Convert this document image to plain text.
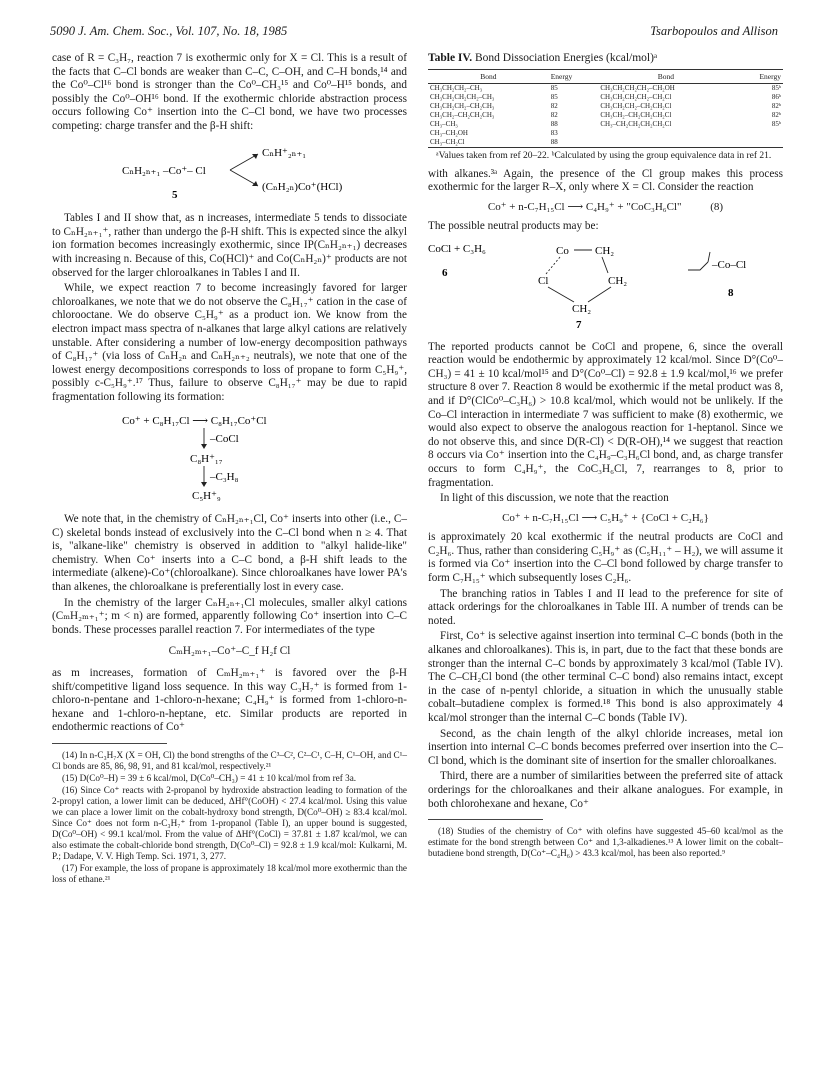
5090 J. Am. Chem. Soc., Vol. 107, No. 18, 1985	Tsarbopoulos and Allison

case of R = C₃H₇, reaction 7 is exothermic only for X = Cl. This is a result of the facts that C–Cl bonds are weaker than C–C, C–OH, and C–H bonds,¹⁴ and the Co⁰–Cl¹⁶ bond is stronger than the Co⁰–CH₃¹⁵ and Co⁰–H¹⁵ bonds, and possibly the Co⁰–OH¹⁶ bond. If the exothermic chloride abstraction process occurs following Co⁺ insertion into the C–Cl bond, we have two processes competing: charge transfer and the β-H shift:

CₙH₂ₙ₊₁ –Co⁺– Cl
CₙH⁺₂ₙ₊₁
(CₙH₂ₙ)Co⁺(HCl)
5

Tables I and II show that, as n increases, intermediate 5 tends to dissociate to CₙH₂ₙ₊₁⁺, rather than undergo the β-H shift. This is expected since the alkyl ion formation becomes increasingly exothermic, since IP(CₙH₂ₙ₊₁) decreases with increasing n. Because of this, Co(HCl)⁺ and Co(CₙH₂ₙ)⁺ products are not observed for the larger chloroalkanes in Tables I and II.

While, we expect reaction 7 to become increasingly favored for larger chloroalkanes, we note that we do not observe the C₈H₁₇⁺ cation in the case of chlorooctane. We do observe C₅H₉⁺ as a product ion. We know from the electron impact mass spectra of n-alkanes that large alkyl cations are relatively unstable. After considering a number of low-energy decomposition pathways of C₈H₁₇⁺ (via loss of CₙH₂ₙ and CₙH₂ₙ₊₂ neutrals), we note that one of the lowest energy decompositions corresponds to loss of propane to form C₅H₉⁺, possibly c-C₅H₉⁺.¹⁷ Thus, failure to observe C₈H₁₇⁺ may be due to rapid fragmentation following its formation:

Co⁺ + C₈H₁₇Cl ⟶ C₈H₁₇Co⁺Cl
–CoCl
C₈H⁺₁₇
–C₃H₈
C₅H⁺₉

We note that, in the chemistry of CₙH₂ₙ₊₁Cl, Co⁺ inserts into other (i.e., C–C) skeletal bonds instead of exclusively into the C–Cl bond when n ≥ 4. That is, "alkane-like" chemistry is observed in addition to "alkyl halide-like" chemistry. When Co⁺ inserts into a C–C bond, a β-H shift leads to the intermediate (alkene)-Co⁺(chloroalkane). Since chloroalkanes have lower PA's than alkenes, the chloroalkane is preferentially lost in every case.

In the chemistry of the larger CₙH₂ₙ₊₁Cl molecules, smaller alkyl cations (CₘH₂ₘ₊₁⁺; m < n) are formed, apparently following Co⁺ insertion into C–C bonds. These processes parallel reaction 7. For intermediates of the type

CₘH₂ₘ₊₁–Co⁺–C_f H₂f Cl

as m increases, formation of CₘH₂ₘ₊₁⁺ is favored over the β-H shift/competitive ligand loss sequence. In this way C₃H₇⁺ is formed from 1-chloro-n-pentane and 1-chloro-n-hexane; C₄H₉⁺ is formed from 1-chloro-n-hexane and 1-chloro-n-heptane, etc. Similar products are reported in endothermic reactions of Co⁺

(14) In n-C₃H₇X (X = OH, Cl) the bond strengths of the C³–C², C²–C¹, C–H, C¹–OH, and C¹–Cl bonds are 85, 86, 98, 91, and 81 kcal/mol, respectively.²¹

(15) D(Co⁰–H) = 39 ± 6 kcal/mol, D(Co⁰–CH₃) = 41 ± 10 kcal/mol from ref 3a.

(16) Since Co⁺ reacts with 2-propanol by hydroxide abstraction leading to formation of the 2-propyl cation, a lower limit can be deduced, ΔHf°(CoOH) < 27.4 kcal/mol. Using this value we can place a lower limit on the cobalt-hydroxy bond strength, D(Co⁰–OH) ≥ 83.4 kcal/mol. Since Co⁺ does not form n-C₃H₇⁺ from 1-propanol (Table I), an upper bound is suggested, D(Co⁰–OH) < 99.1 kcal/mol. From the value of ΔHf°(CoCl) = 37.81 ± 1.87 kcal/mol, we can also estimate the cobalt-chloride bond strength, D(Co⁰–Cl) = 92.8 ± 1.9 kcal/mol: Kulkarni, M. P.; Dadape, V. V. High Temp. Sci. 1971, 3, 277.

(17) For example, the loss of propane is approximately 18 kcal/mol more exothermic than the loss of ethane.²¹

Table IV. Bond Dissociation Energies (kcal/mol)ᵃ

Bond	Energy	Bond	Energy
CH₃CH₂CH₂–CH₃	85	CH₃CH₂CH₂CH₂–CH₂OH	85ᵇ
CH₃CH₂CH₂CH₂–CH₃	85	CH₃CH₂CH₂CH₂–CH₂Cl	86ᵇ
CH₃CH₂CH₂–CH₂CH₃	82	CH₃CH₂CH₂–CH₂CH₂Cl	82ᵇ
CH₃CH₂–CH₂CH₂CH₃	82	CH₃CH₂–CH₂CH₂CH₂Cl	82ᵇ
CH₃–CH₃	88	CH₃–CH₂CH₂CH₂CH₂Cl	85ᵇ
CH₃–CH₂OH	83		
CH₃–CH₂Cl	88		

ᵃValues taken from ref 20–22. ᵇCalculated by using the group equivalence data in ref 21.

with alkanes.³ᵃ Again, the presence of the Cl group makes this process exothermic for the larger R–X, only where X = Cl. Consider the reaction

Co⁺ + n-C₇H₁₅Cl ⟶ C₄H₉⁺ + "CoC₃H₆Cl"	(8)

The possible neutral products may be:

CoCl + C₃H₆
6
Co CH₂
Cl	CH₂
CH₂
7
–Co–Cl
8

The reported products cannot be CoCl and propene, 6, since the overall reaction would be endothermic by approximately 12 kcal/mol. Since D°(Co⁰–CH₃) = 41 ± 10 kcal/mol¹⁵ and D°(Co⁰–Cl) = 92.8 ± 1.9 kcal/mol,¹⁶ we prefer structure 8 over 7. Reaction 8 would be exothermic if the metal product was 8, and if D°(ClCo⁰–C₃H₆) > 10.8 kcal/mol, which would not be unlikely. If the Co–Cl interaction in intermediate 7 was sufficient to make (8) exothermic, we would also expect to observe the analogous reaction for 1-heptanol. Since we do not observe this, and since D(R-Cl) < D(R-OH),¹⁴ we suggest that reaction 8 occurs via Co⁺ insertion into the C₄H₉–C₃H₆Cl bond, and, as charge transfer occurs to form C₄H₉⁺, the CoC₃H₆Cl, 7, rearranges to 8, prior to fragmentation.

In light of this discussion, we note that the reaction

Co⁺ + n-C₇H₁₅Cl ⟶ C₅H₉⁺ + {CoCl + C₂H₆}

is approximately 20 kcal exothermic if the neutral products are CoCl and C₂H₆. Thus, rather than considering C₅H₉⁺ as (C₅H₁₁⁺ – H₂), we will assume it is formed via Co⁺ insertion into the C–Cl bond followed by charge transfer to form C₇H₁₅⁺ which subsequently loses C₂H₆.

The branching ratios in Tables I and II lead to the preference for site of attack orderings for the chloroalkanes in Table III. A number of trends can be noted.

First, Co⁺ is selective against insertion into terminal C–C bonds (both in the alkanes and chloroalkanes). This is, in part, due to the fact that these bonds are stronger than the internal C–C bonds by approximately 3 kcal/mol (Table IV). The C–CH₂Cl bond (the other terminal C–C bond) also remains intact, except in the case of n-pentyl chloride, a situation in which the unusually stable cobalt–butadiene complex is formed.¹⁸ This bond is also approximately 4 kcal/mol stronger than the internal C–C bonds (Table IV).

Second, as the chain length of the alkyl chloride increases, metal ion insertion into internal C–C bonds becomes preferred over insertion into the C–Cl bond, which is the dominant site of insertion for the smaller chloroalkanes.

Third, there are a number of similarities between the preferred site of attack orderings for the chloroalkanes and their alkane analogues. For example, in both chlorohexane and hexane, Co⁺

(18) Studies of the chemistry of Co⁺ with olefins have suggested 45–60 kcal/mol as the estimate for the bond strength between Co⁺ and 1,3-alkadienes.¹³ A lower limit on the cobalt–butadiene bond strength, D(Co⁺–C₄H₆) > 43.3 kcal/mol, has been also reported.⁹
